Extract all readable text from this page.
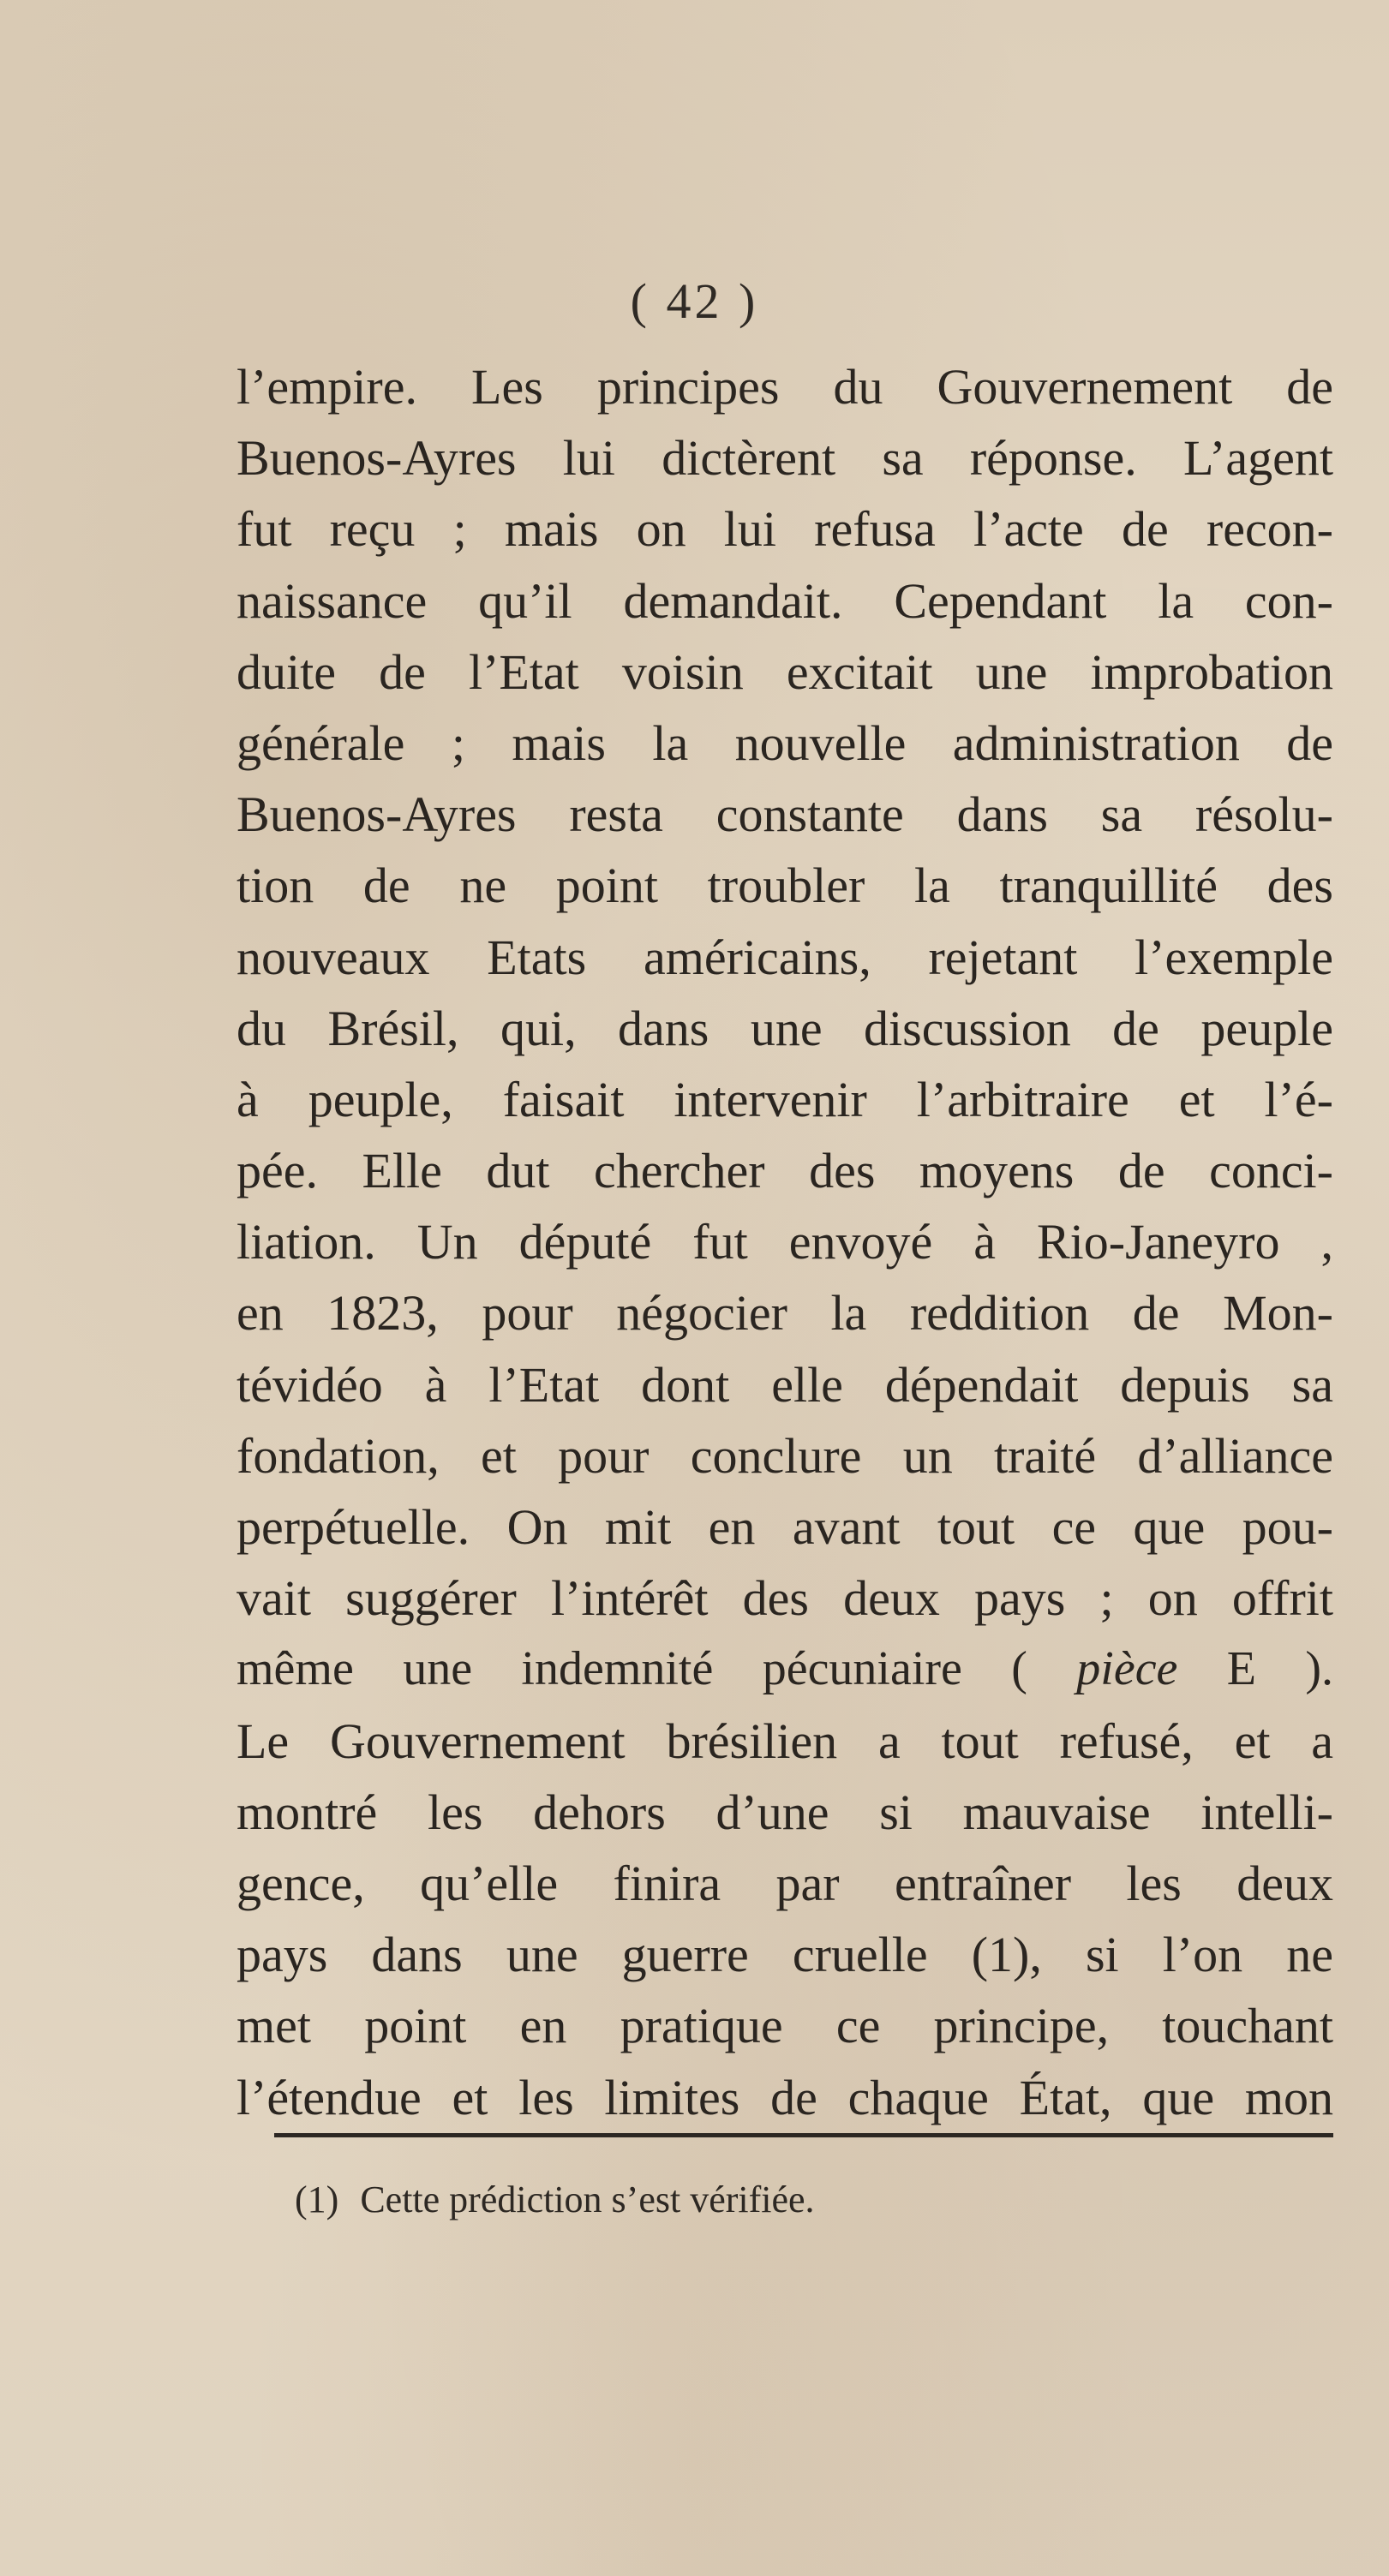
( 42 )
l’empire. Les principes du Gouvernement de
Buenos-Ayres lui dictèrent sa réponse. L’agent
fut reçu ; mais on lui refusa l’acte de recon-
naissance qu’il demandait. Cependant la con-
duite de l’Etat voisin excitait une improbation
générale ; mais la nouvelle administration de
Buenos-Ayres resta constante dans sa résolu-
tion de ne point troubler la tranquillité des
nouveaux Etats américains, rejetant l’exemple
du Brésil, qui, dans une discussion de peuple
à peuple, faisait intervenir l’arbitraire et l’é-
pée. Elle dut chercher des moyens de conci-
liation. Un député fut envoyé à Rio-Janeyro ,
en 1823, pour négocier la reddition de Mon-
tévidéo à l’Etat dont elle dépendait depuis sa
fondation, et pour conclure un traité d’alliance
perpétuelle. On mit en avant tout ce que pou-
vait suggérer l’intérêt des deux pays ; on offrit
même une indemnité pécuniaire ( pièce E ).
Le Gouvernement brésilien a tout refusé, et a
montré les dehors d’une si mauvaise intelli-
gence, qu’elle finira par entraîner les deux
pays dans une guerre cruelle (1), si l’on ne
met point en pratique ce principe, touchant
l’étendue et les limites de chaque État, que mon
(1) Cette prédiction s’est vérifiée.
